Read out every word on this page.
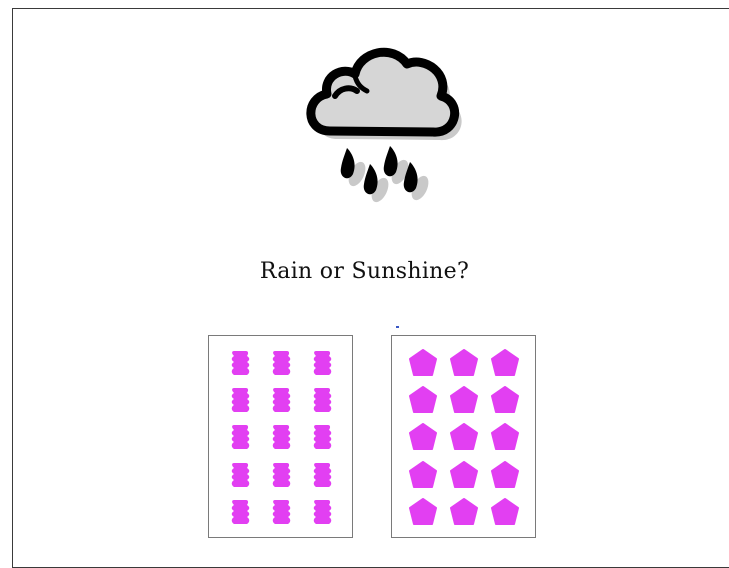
Rain or Sunshine?
